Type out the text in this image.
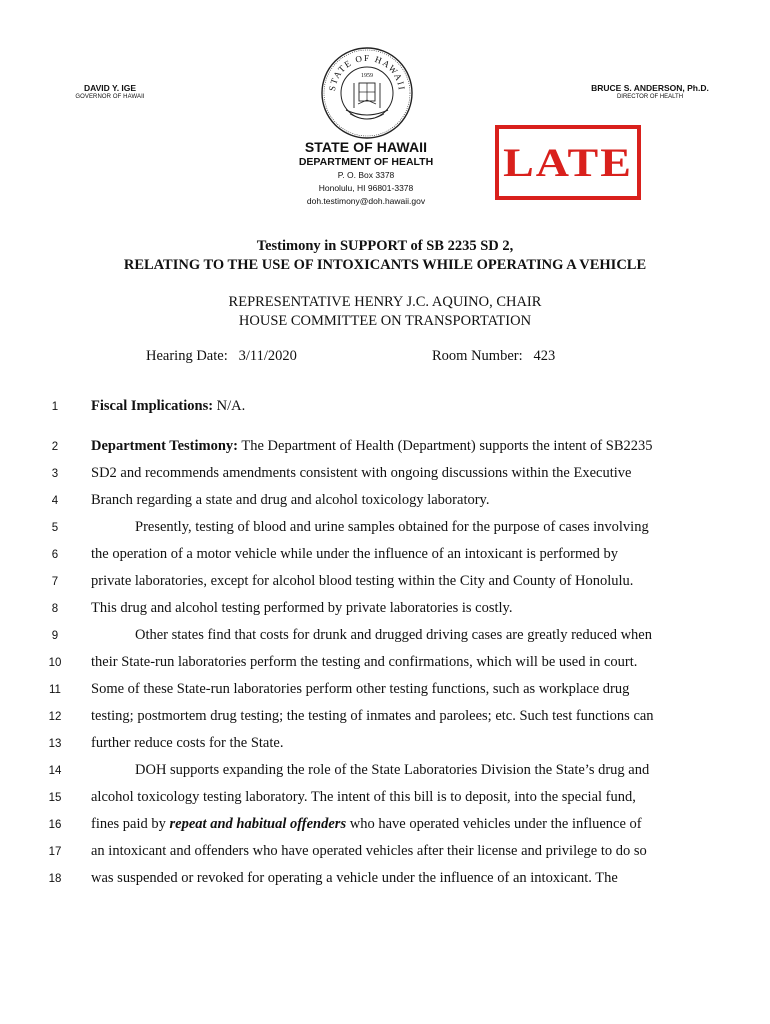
DAVID Y. IGE
GOVERNOR OF HAWAII
BRUCE S. ANDERSON, Ph.D.
DIRECTOR OF HEALTH
STATE OF HAWAII
1959
STATE OF HAWAII
DEPARTMENT OF HEALTH
P. O. Box 3378
Honolulu, HI 96801-3378
doh.testimony@doh.hawaii.gov
LATE
Testimony in SUPPORT of SB 2235 SD 2,
RELATING TO THE USE OF INTOXICANTS WHILE OPERATING A VEHICLE
REPRESENTATIVE HENRY J.C. AQUINO, CHAIR
HOUSE COMMITTEE ON TRANSPORTATION
Hearing Date: 3/11/2020	Room Number: 423
1	Fiscal Implications: N/A.
2	Department Testimony: The Department of Health (Department) supports the intent of SB2235
3	SD2 and recommends amendments consistent with ongoing discussions within the Executive
4	Branch regarding a state and drug and alcohol toxicology laboratory.
5	Presently, testing of blood and urine samples obtained for the purpose of cases involving
6	the operation of a motor vehicle while under the influence of an intoxicant is performed by
7	private laboratories, except for alcohol blood testing within the City and County of Honolulu.
8	This drug and alcohol testing performed by private laboratories is costly.
9	Other states find that costs for drunk and drugged driving cases are greatly reduced when
10	their State-run laboratories perform the testing and confirmations, which will be used in court.
11	Some of these State-run laboratories perform other testing functions, such as workplace drug
12	testing; postmortem drug testing; the testing of inmates and parolees; etc. Such test functions can
13	further reduce costs for the State.
14	DOH supports expanding the role of the State Laboratories Division the State’s drug and
15	alcohol toxicology testing laboratory. The intent of this bill is to deposit, into the special fund,
16	fines paid by repeat and habitual offenders who have operated vehicles under the influence of
17	an intoxicant and offenders who have operated vehicles after their license and privilege to do so
18	was suspended or revoked for operating a vehicle under the influence of an intoxicant. The
